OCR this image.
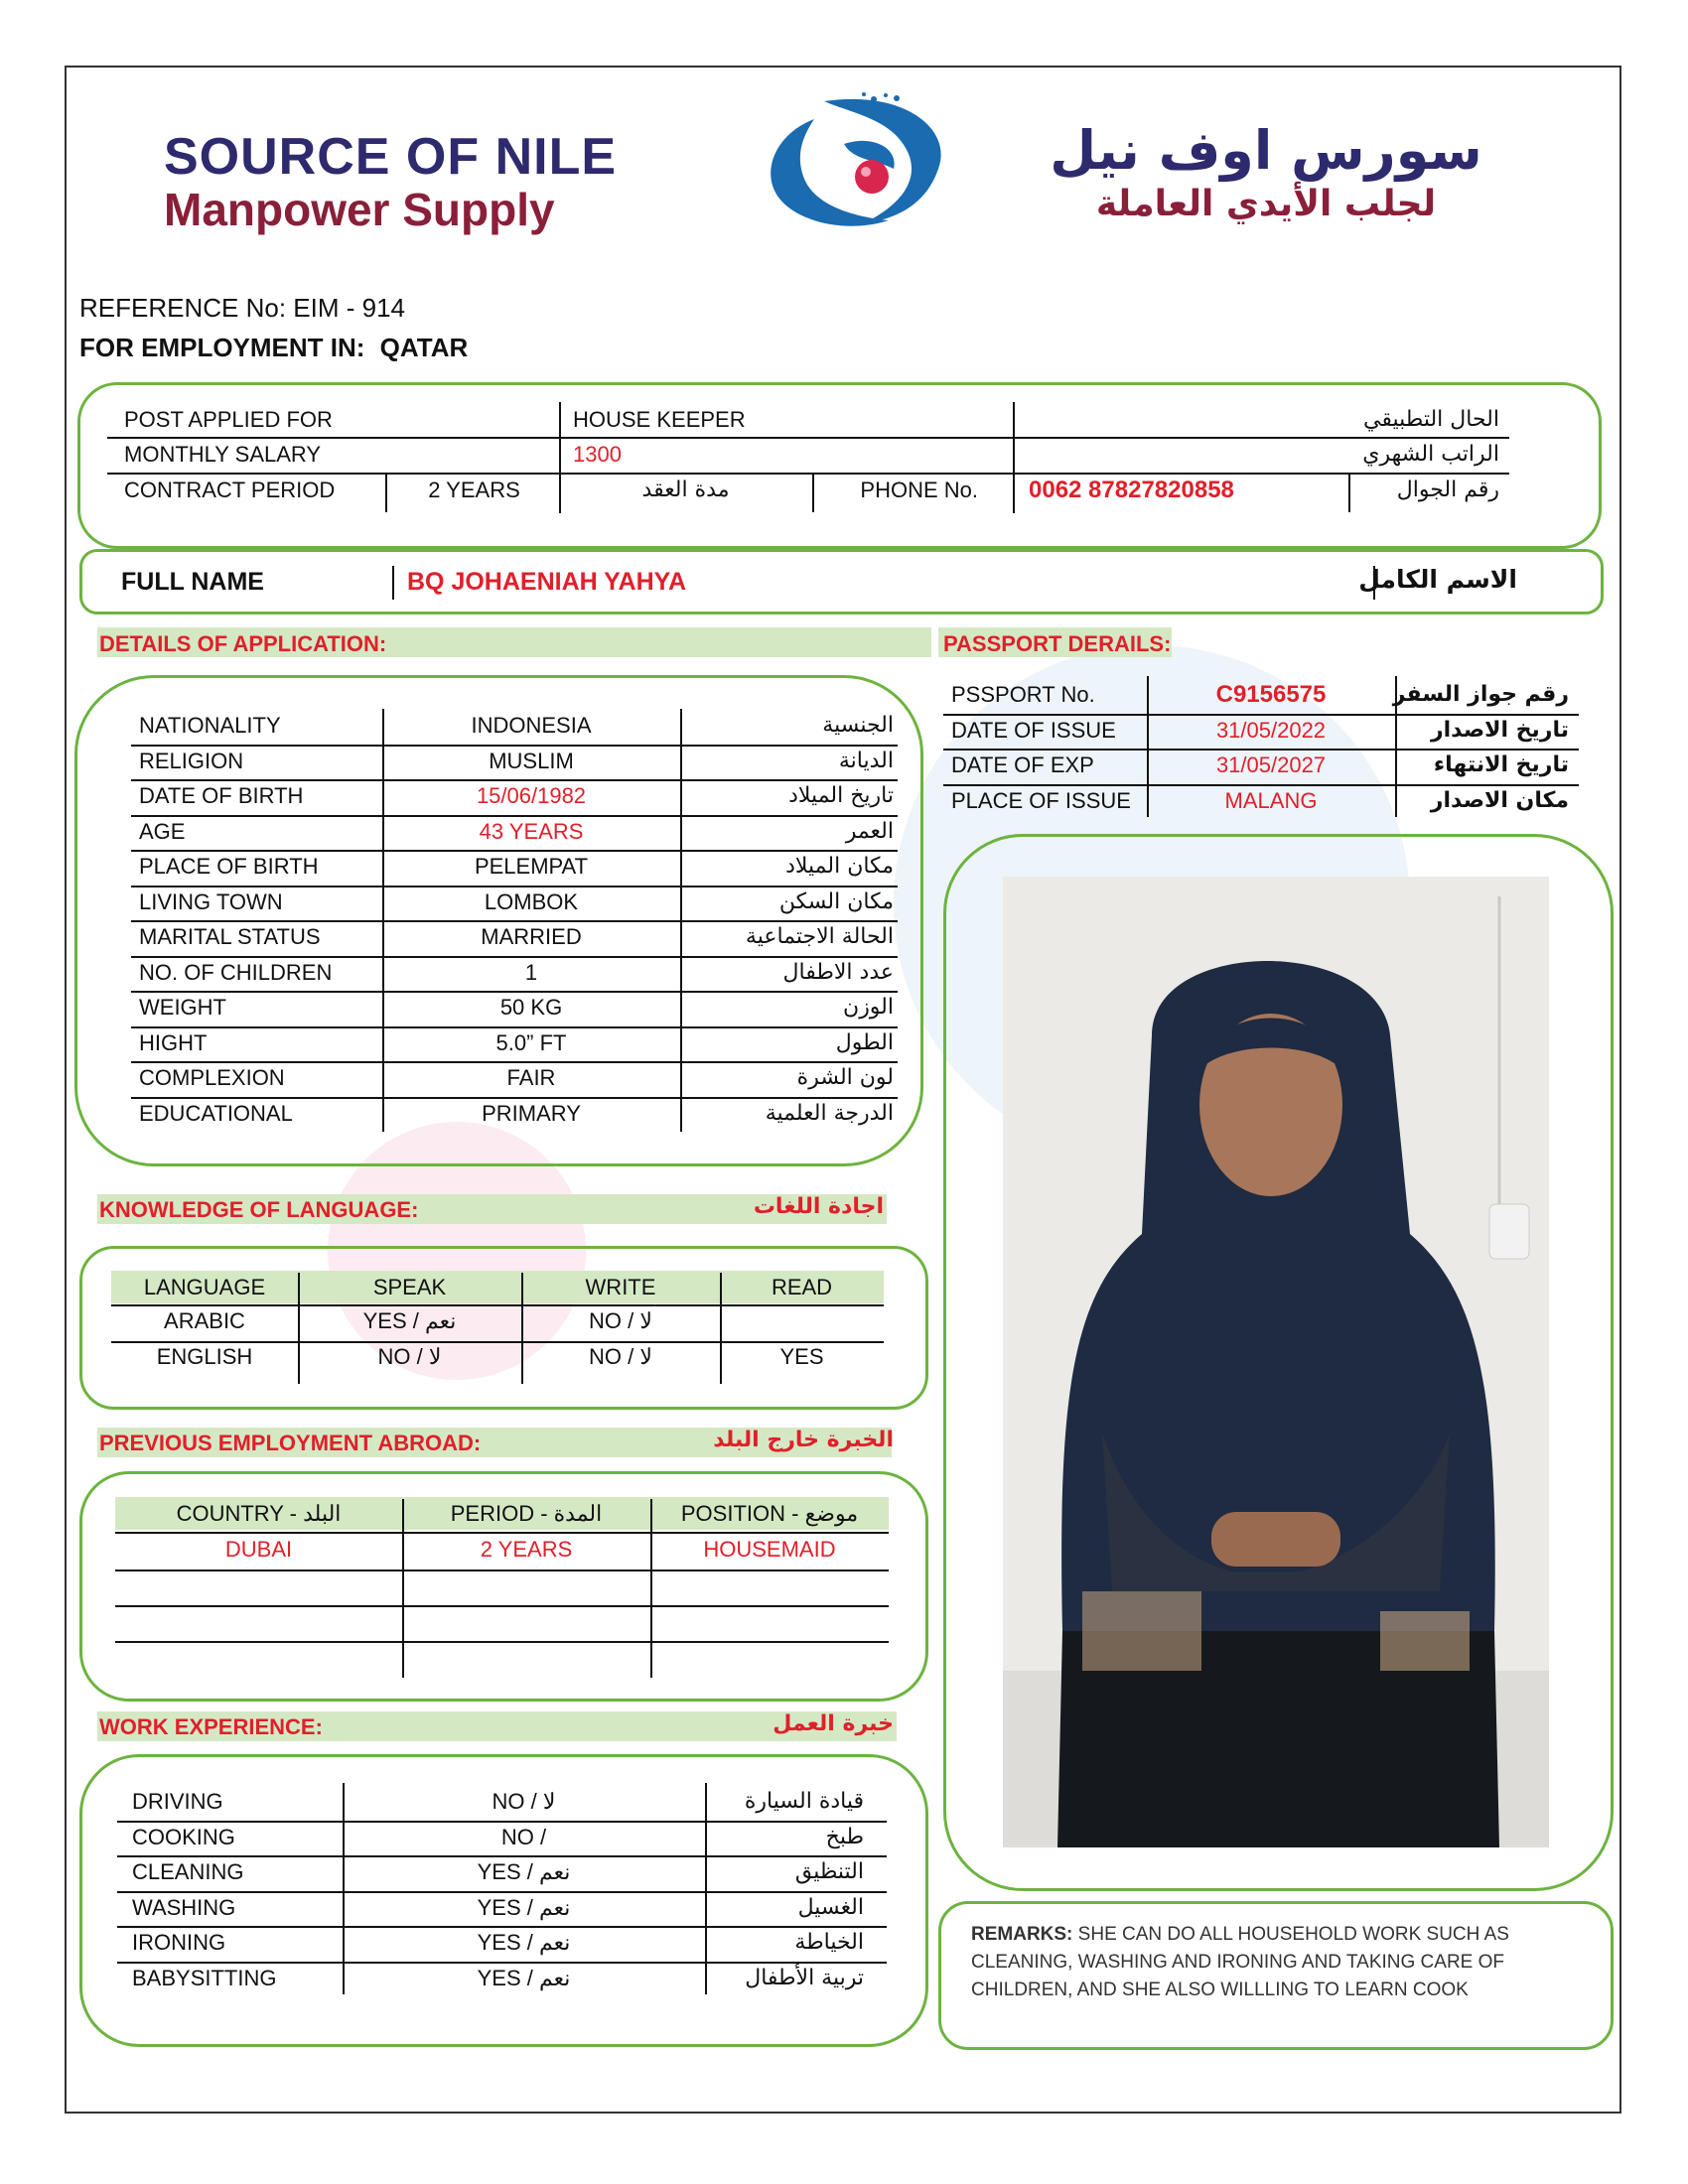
SOURCE OF NILE
Manpower Supply
سورس اوف نيل
لجلب الأيدي العاملة
REFERENCE No: EIM - 914
FOR EMPLOYMENT IN: QATAR
POST APPLIED FOR	HOUSE KEEPER	الحال التطبيقي
MONTHLY SALARY	1300	الراتب الشهري
CONTRACT PERIOD	2 YEARS	مدة العقد	PHONE No. 0062 87827820858	رقم الجوال
FULL NAME	BQ JOHAENIAH YAHYA	الاسم الكامل
DETAILS OF APPLICATION:
NATIONALITY	INDONESIA	الجنسية
RELIGION	MUSLIM	الديانة
DATE OF BIRTH	15/06/1982	تاريخ الميلاد
AGE	43 YEARS	العمر
PLACE OF BIRTH	PELEMPAT	مكان الميلاد
LIVING TOWN	LOMBOK	مكان السكن
MARITAL STATUS	MARRIED	الحالة الاجتماعية
NO. OF CHILDREN	1	عدد الاطفال
WEIGHT	50 KG	الوزن
HIGHT	5.0” FT	الطول
COMPLEXION	FAIR	لون الشرة
EDUCATIONAL	PRIMARY	الدرجة العلمية
PASSPORT DERAILS:
PSSPORT No.	C9156575	رقم جواز السفر
DATE OF ISSUE	31/05/2022	تاريخ الاصدار
DATE OF EXP	31/05/2027	تاريخ الانتهاء
PLACE OF ISSUE	MALANG	مكان الاصدار
REMARKS: SHE CAN DO ALL HOUSEHOLD WORK SUCH AS CLEANING, WASHING AND IRONING AND TAKING CARE OF CHILDREN, AND SHE ALSO WILLLING TO LEARN COOK
KNOWLEDGE OF LANGUAGE:	اجادة اللغات
LANGUAGE	SPEAK	WRITE	READ
ARABIC	YES / نعم	NO / لا
ENGLISH	NO / لا	NO / لا	YES
PREVIOUS EMPLOYMENT ABROAD:	الخبرة خارج البلد
COUNTRY - البلد	PERIOD - المدة	POSITION - موضع
DUBAI	2 YEARS	HOUSEMAID
WORK EXPERIENCE:	خبرة العمل
DRIVING	NO / لا	قيادة السيارة
COOKING	NO /	طبخ
CLEANING	YES / نعم	التنظيق
WASHING	YES / نعم	الغسيل
IRONING	YES / نعم	الخياطة
BABYSITTING	YES / نعم	تربية الأطفال
